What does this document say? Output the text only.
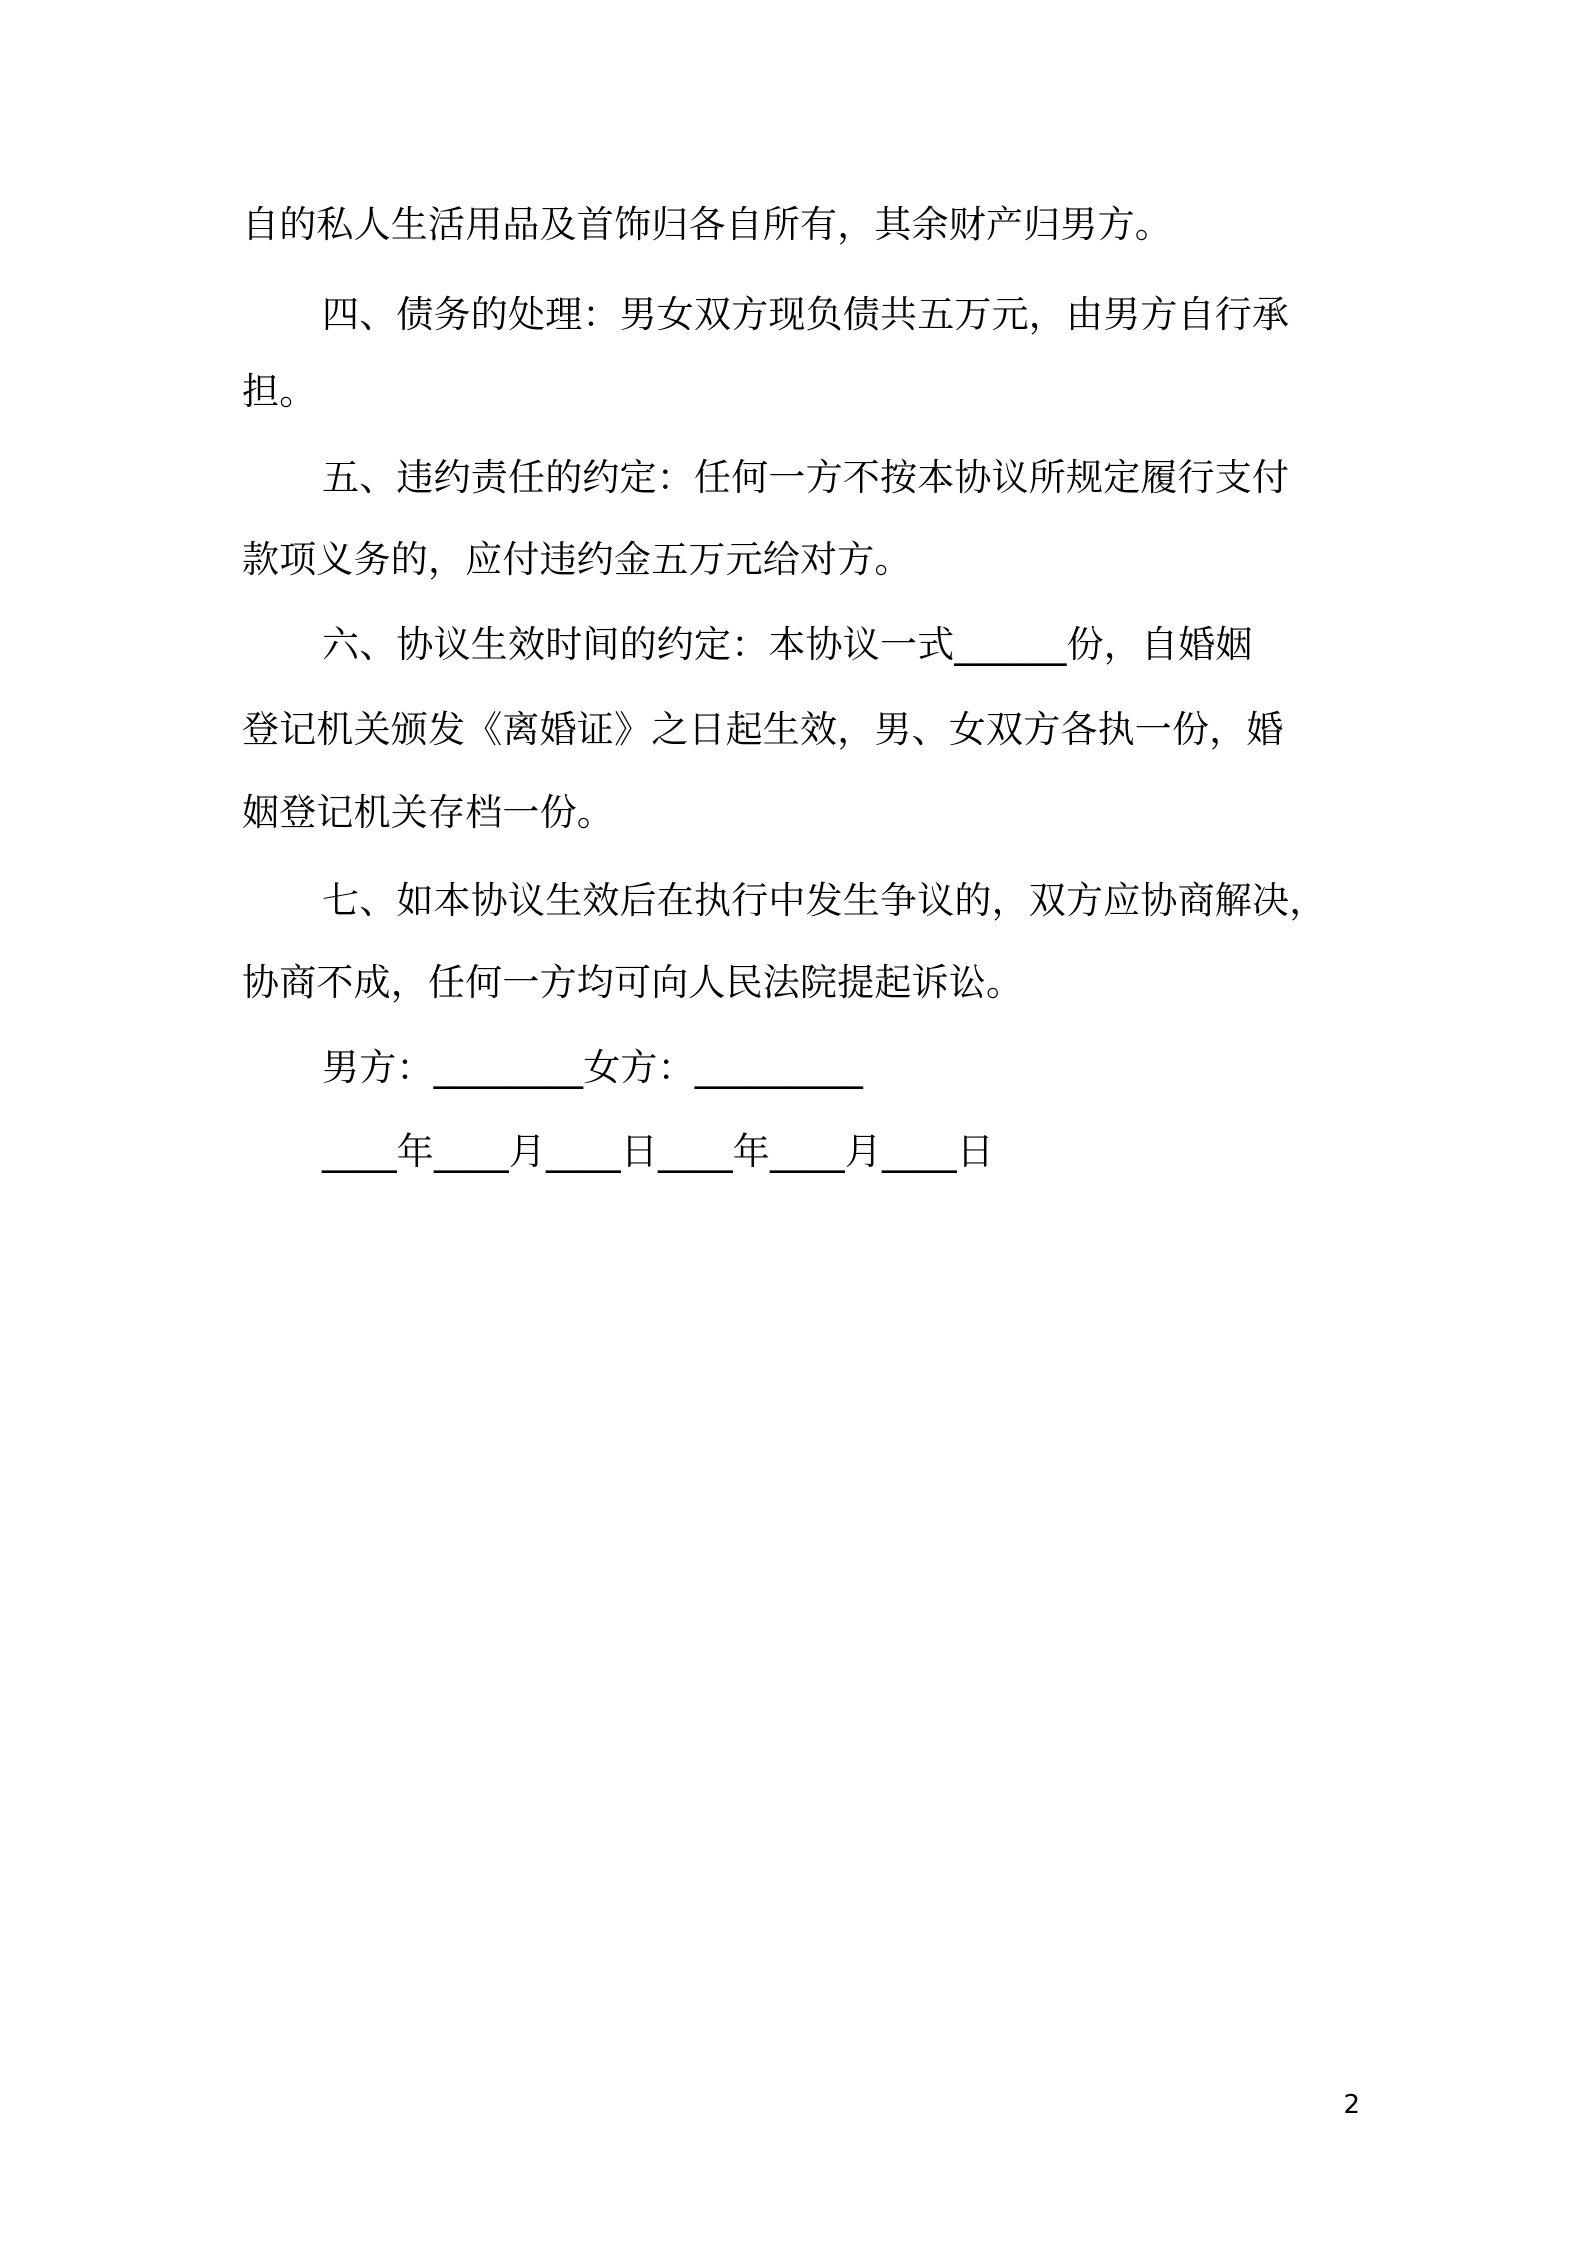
自的私人生活用品及首饰归各自所有，其余财产归男方。
四、债务的处理：男女双方现负债共五万元，由男方自行承
担。
五、违约责任的约定：任何一方不按本协议所规定履行支付
款项义务的，应付违约金五万元给对方。
六、协议生效时间的约定：本协议一式______份，自婚姻
登记机关颁发《离婚证》之日起生效，男、女双方各执一份，婚
姻登记机关存档一份。
七、如本协议生效后在执行中发生争议的，双方应协商解决，
协商不成，任何一方均可向人民法院提起诉讼。
男方：________女方：_________
____年____月____日____年____月____日
2
